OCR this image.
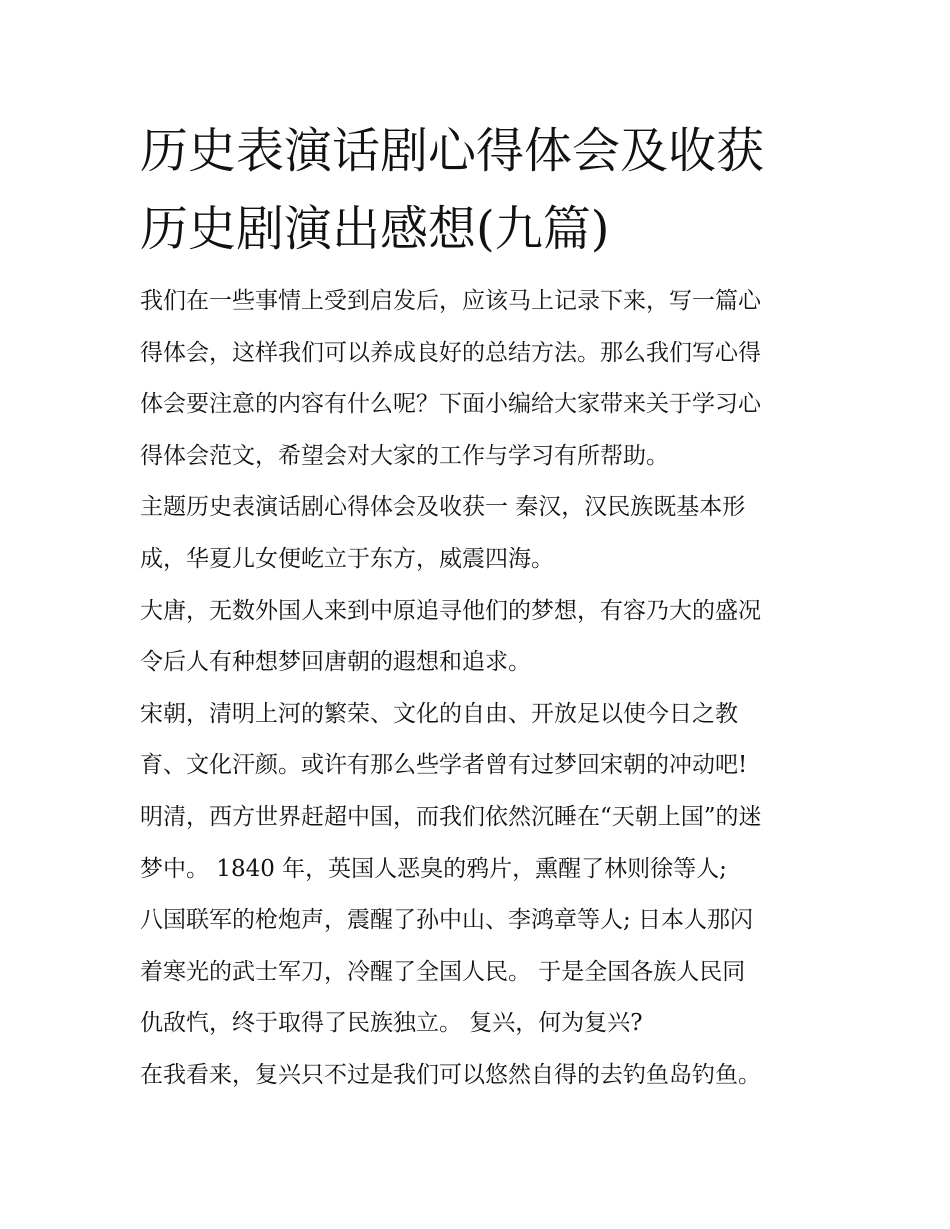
历史表演话剧心得体会及收获
历史剧演出感想(九篇)
我们在一些事情上受到启发后，应该马上记录下来，写一篇心
得体会，这样我们可以养成良好的总结方法。那么我们写心得
体会要注意的内容有什么呢？下面小编给大家带来关于学习心
得体会范文，希望会对大家的工作与学习有所帮助。
主题历史表演话剧心得体会及收获一 秦汉，汉民族既基本形
成，华夏儿女便屹立于东方，威震四海。
大唐，无数外国人来到中原追寻他们的梦想，有容乃大的盛况
令后人有种想梦回唐朝的遐想和追求。
宋朝，清明上河的繁荣、文化的自由、开放足以使今日之教
育、文化汗颜。或许有那么些学者曾有过梦回宋朝的冲动吧!
明清，西方世界赶超中国，而我们依然沉睡在“天朝上国”的迷
梦中。 1840 年，英国人恶臭的鸦片，熏醒了林则徐等人;
八国联军的枪炮声，震醒了孙中山、李鸿章等人; 日本人那闪
着寒光的武士军刀，冷醒了全国人民。 于是全国各族人民同
仇敌忾，终于取得了民族独立。 复兴，何为复兴?
在我看来，复兴只不过是我们可以悠然自得的去钓鱼岛钓鱼。
